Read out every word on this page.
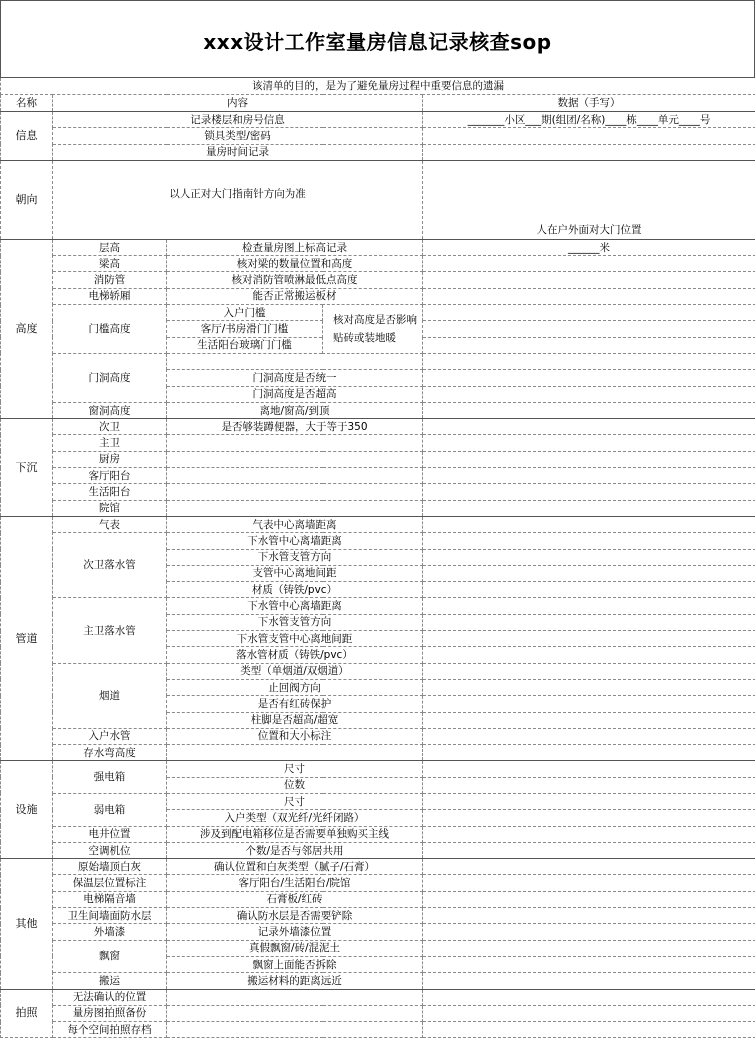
xxx设计工作室量房信息记录核查sop
该清单的目的，是为了避免量房过程中重要信息的遗漏				
名称	内容			数据（手写）
信息	记录楼层和房号信息			_______小区___期(组团/名称)____栋____单元____号
	锁具类型/密码			
	量房时间记录			
朝向	以人正对大门指南针方向为准			人在户外面对大门位置
高度	层高	检查量房图上标高记录		______米
	梁高	核对梁的数量位置和高度		
	消防管	核对消防管喷淋最低点高度		
	电梯轿厢	能否正常搬运板材		
	门槛高度	入户门槛	核对高度是否影响贴砖或装地暖	
		客厅/书房滑门门槛		
		生活阳台玻璃门门槛		
	门洞高度			
		门洞高度是否统一		
		门洞高度是否超高		
	窗洞高度	离地/窗高/到顶		
下沉	次卫	是否够装蹲便器，大于等于350		
	主卫			
	厨房			
	客厅阳台			
	生活阳台			
	院馆			
管道	气表	气表中心离墙距离		
	次卫落水管	下水管中心离墙距离		
		下水管支管方向		
		支管中心离地间距		
		材质（铸铁/pvc）		
	主卫落水管	下水管中心离墙距离		
		下水管支管方向		
		下水管支管中心离地间距		
		落水管材质（铸铁/pvc）		
	烟道	类型（单烟道/双烟道）		
		止回阀方向		
		是否有红砖保护		
		柱脚是否超高/超宽		
	入户水管	位置和大小标注		
	存水弯高度			
设施	强电箱	尺寸		
		位数		
	弱电箱	尺寸		
		入户类型（双光纤/光纤闭路）		
	电井位置	涉及到配电箱移位是否需要单独购买主线		
	空调机位	个数/是否与邻居共用		
其他	原始墙顶白灰	确认位置和白灰类型（腻子/石膏）		
	保温层位置标注	客厅阳台/生活阳台/院馆		
	电梯隔音墙	石膏板/红砖		
	卫生间墙面防水层	确认防水层是否需要铲除		
	外墙漆	记录外墙漆位置		
	飘窗	真假飘窗/砖/混泥土		
		飘窗上面能否拆除		
	搬运	搬运材料的距离远近		
拍照	无法确认的位置			
	量房图拍照备份			
	每个空间拍照存档			
